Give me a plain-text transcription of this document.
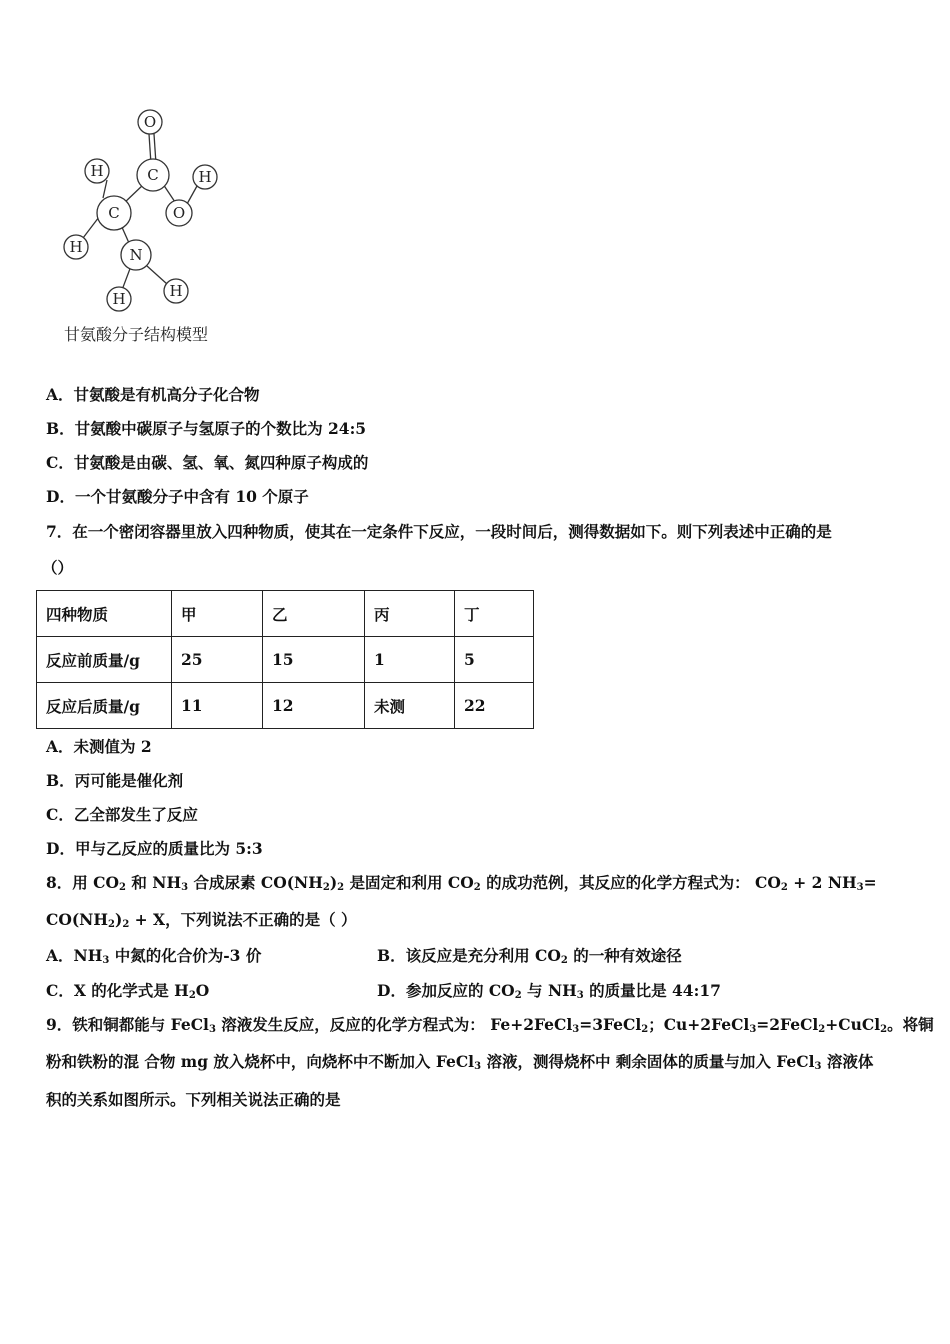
O
C
H	H
C	O
H	N
H	H
甘氨酸分子结构模型
A．甘氨酸是有机高分子化合物
B．甘氨酸中碳原子与氢原子的个数比为 24:5
C．甘氨酸是由碳、氢、氧、氮四种原子构成的
D．一个甘氨酸分子中含有 10 个原子
7．在一个密闭容器里放入四种物质，使其在一定条件下反应，一段时间后，测得数据如下。则下列表述中正确的是
（）
四种物质	甲	乙	丙	丁
反应前质量/g	25	15	1	5
反应后质量/g	11	12	未测	22
A．未测值为 2
B．丙可能是催化剂
C．乙全部发生了反应
D．甲与乙反应的质量比为 5:3
8．用 $CO_2$ 和 $NH_3$ 合成尿素 $CO(NH_2)_2$ 是固定和利用 $CO_2$ 的成功范例，其反应的化学方程式为： $CO_2 + 2$ $NH_3=$
$CO(NH_2)_2 + X$，下列说法不正确的是（ ）
A．$NH_3$ 中氮的化合价为-3 价	B．该反应是充分利用 $CO_2$ 的一种有效途径
C．X 的化学式是 $H_2O$	D．参加反应的 $CO_2$ 与 $NH_3$ 的质量比是 44:17
9．铁和铜都能与 FeCl$_3$ 溶液发生反应，反应的化学方程式为： Fe+2FeCl$_3$=3FeCl$_2$；Cu+2FeCl$_3$=2FeCl$_2$+CuCl$_2$。将铜
粉和铁粉的混 合物 mg 放入烧杯中，向烧杯中不断加入 FeCl$_3$ 溶液，测得烧杯中 剩余固体的质量与加入 FeCl$_3$ 溶液体
积的关系如图所示。下列相关说法正确的是
